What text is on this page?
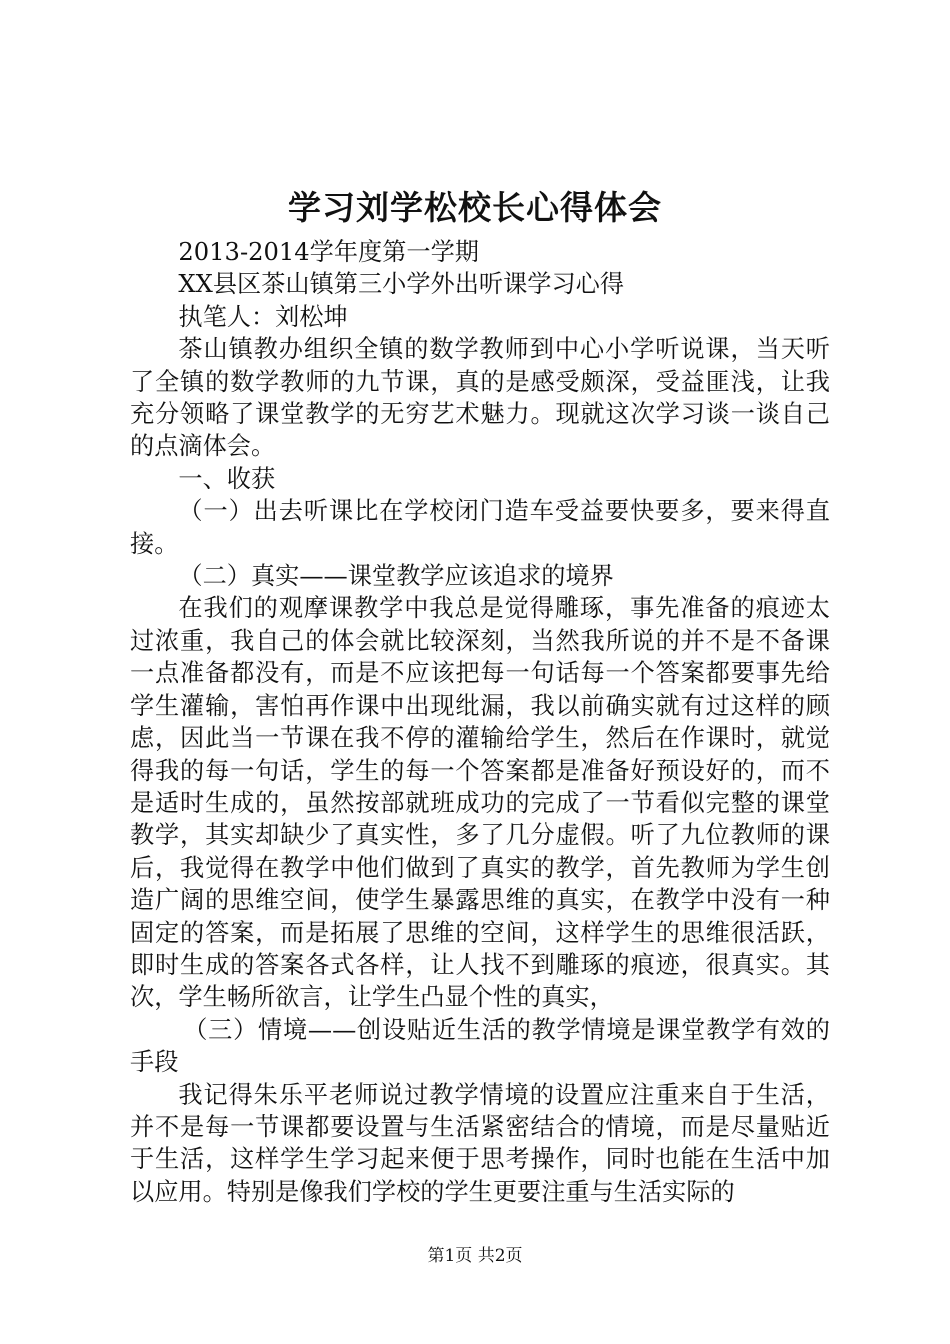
学习刘学松校长心得体会

2013-2014学年度第一学期

XX县区茶山镇第三小学外出听课学习心得

执笔人：刘松坤

茶山镇教办组织全镇的数学教师到中心小学听说课，当天听了全镇的数学教师的九节课，真的是感受颇深，受益匪浅，让我充分领略了课堂教学的无穷艺术魅力。现就这次学习谈一谈自己的点滴体会。

一、收获

（一）出去听课比在学校闭门造车受益要快要多，要来得直接。

（二）真实——课堂教学应该追求的境界

在我们的观摩课教学中我总是觉得雕琢，事先准备的痕迹太过浓重，我自己的体会就比较深刻，当然我所说的并不是不备课一点准备都没有，而是不应该把每一句话每一个答案都要事先给学生灌输，害怕再作课中出现纰漏，我以前确实就有过这样的顾虑，因此当一节课在我不停的灌输给学生，然后在作课时，就觉得我的每一句话，学生的每一个答案都是准备好预设好的，而不是适时生成的，虽然按部就班成功的完成了一节看似完整的课堂教学，其实却缺少了真实性，多了几分虚假。听了九位教师的课后，我觉得在教学中他们做到了真实的教学，首先教师为学生创造广阔的思维空间，使学生暴露思维的真实，在教学中没有一种固定的答案，而是拓展了思维的空间，这样学生的思维很活跃，即时生成的答案各式各样，让人找不到雕琢的痕迹，很真实。其次，学生畅所欲言，让学生凸显个性的真实，

（三）情境——创设贴近生活的教学情境是课堂教学有效的手段

我记得朱乐平老师说过教学情境的设置应注重来自于生活，并不是每一节课都要设置与生活紧密结合的情境，而是尽量贴近于生活，这样学生学习起来便于思考操作，同时也能在生活中加以应用。特别是像我们学校的学生更要注重与生活实际的

第1页 共2页
